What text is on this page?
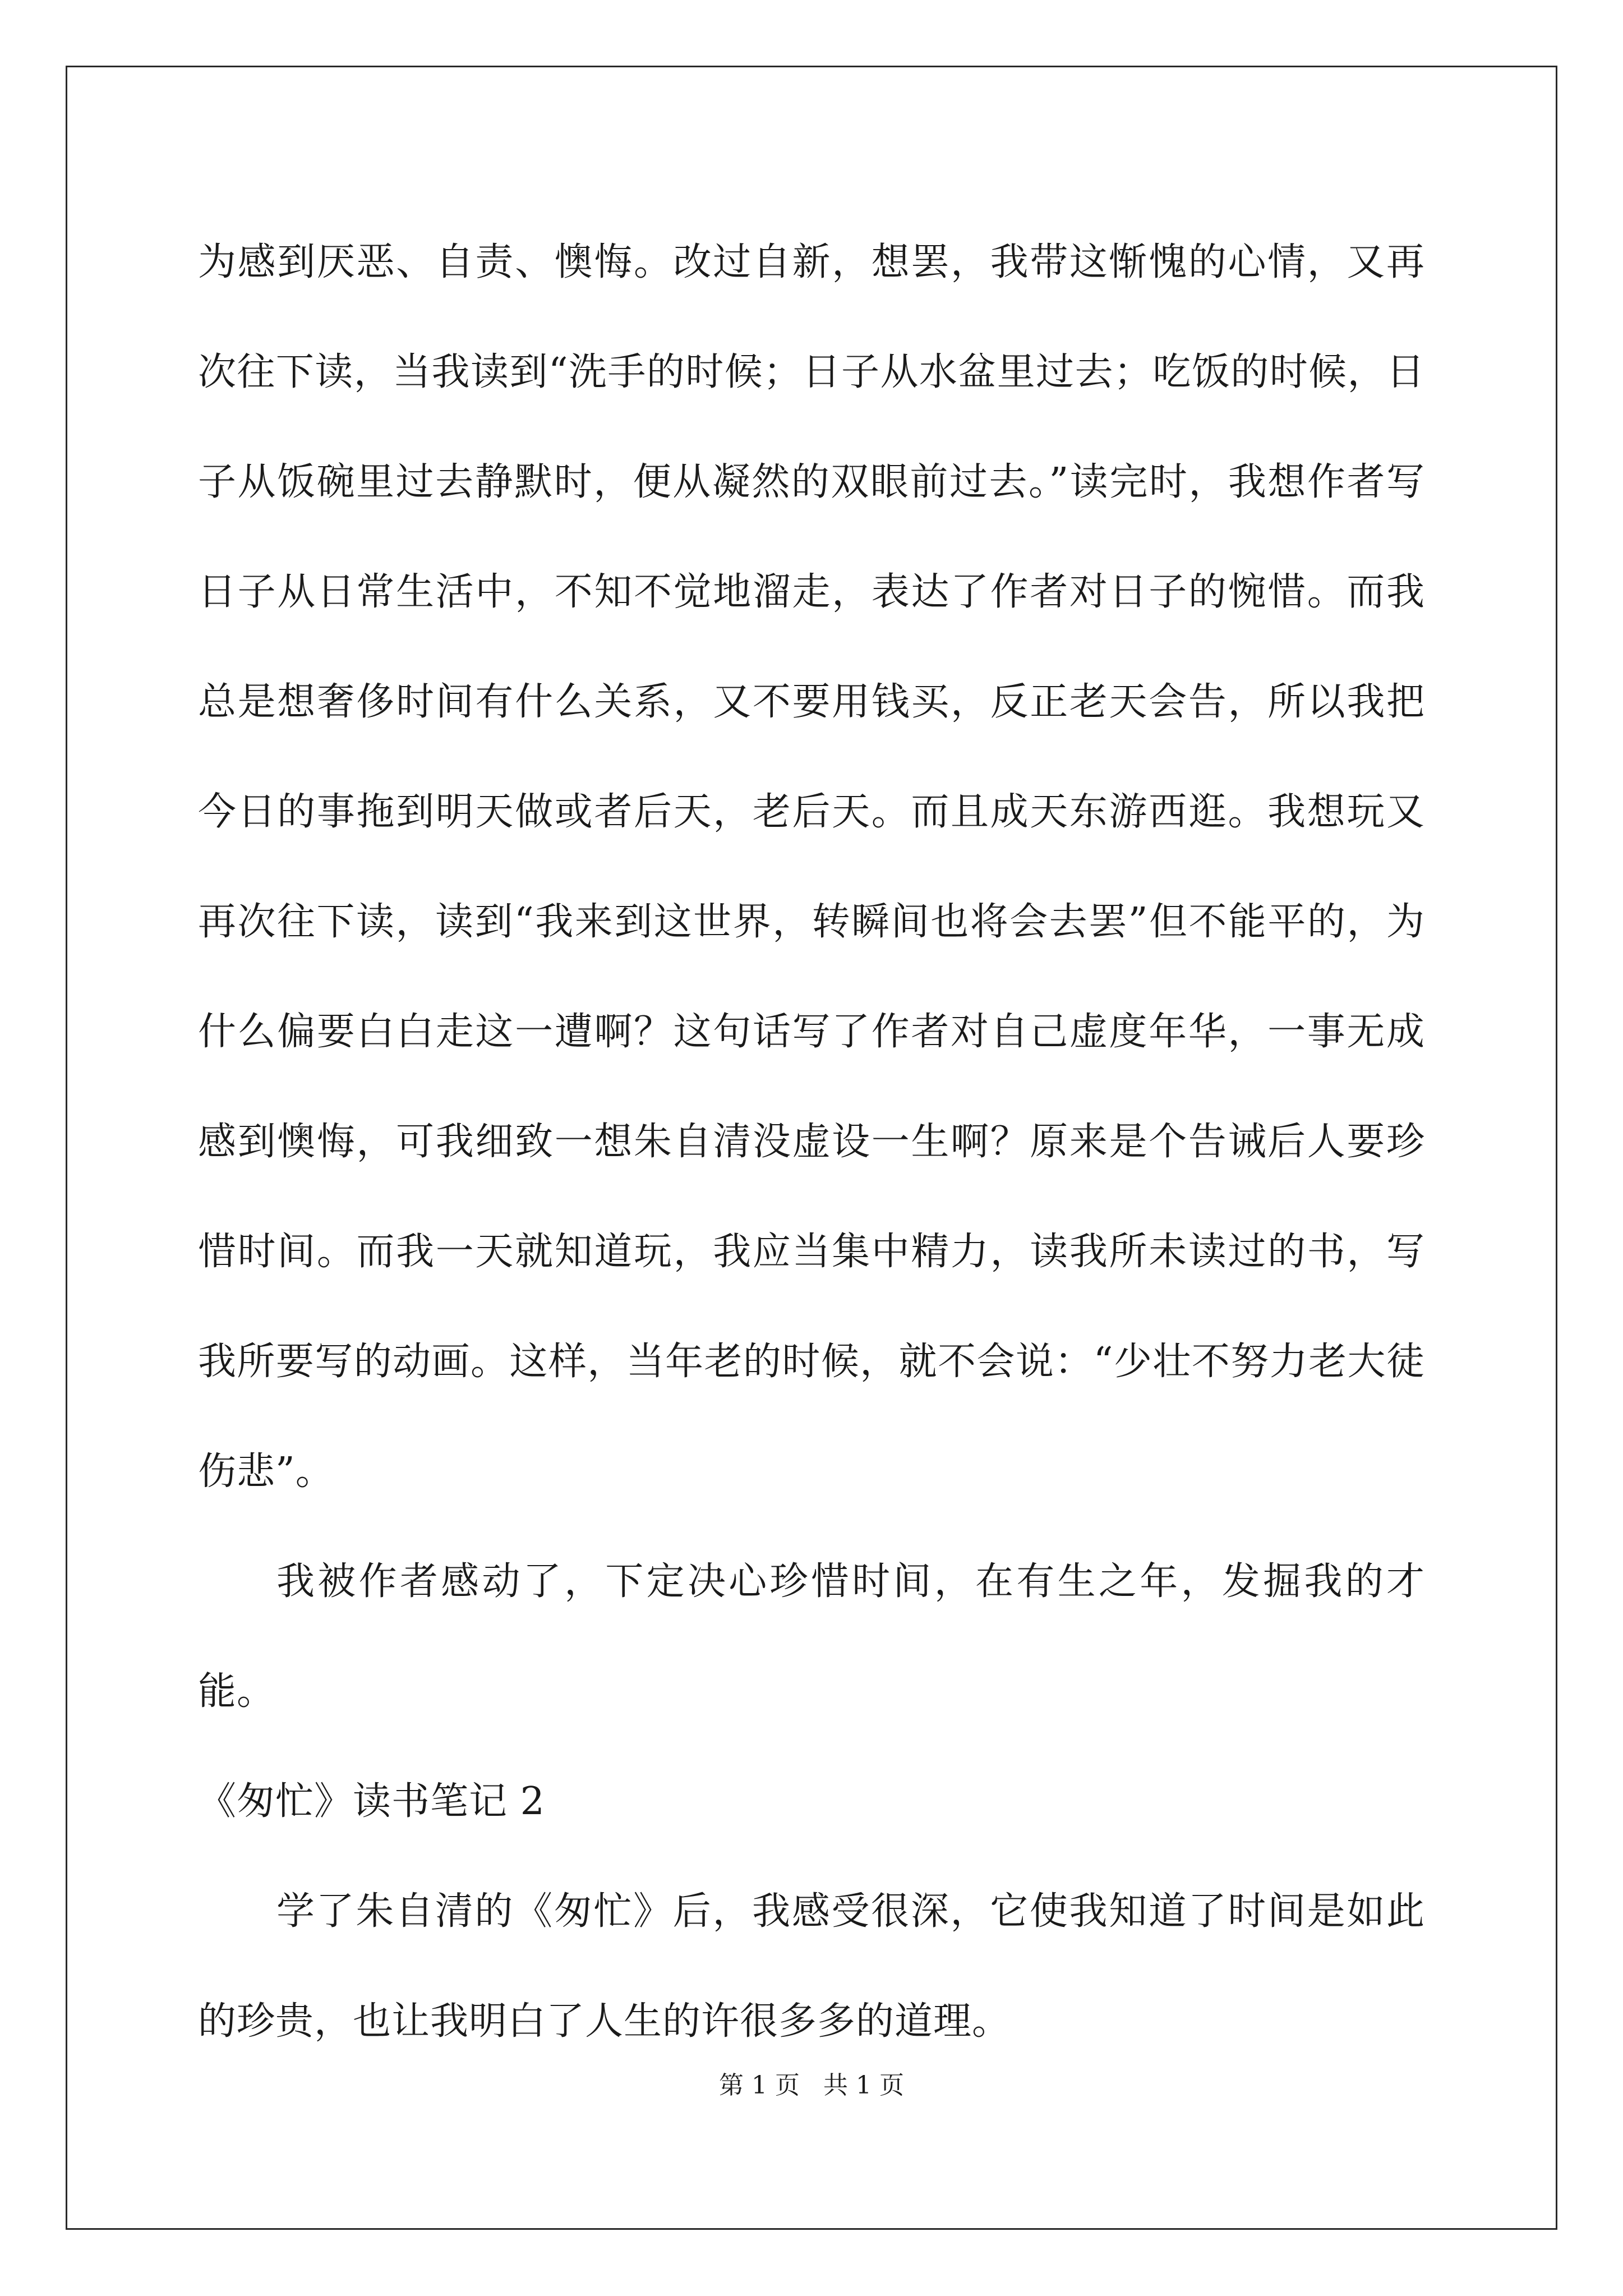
为感到厌恶、自责、懊悔。改过自新，想罢，我带这惭愧的心情，又再次往下读，当我读到“洗手的时候；日子从水盆里过去；吃饭的时候，日子从饭碗里过去静默时，便从凝然的双眼前过去。”读完时，我想作者写日子从日常生活中，不知不觉地溜走，表达了作者对日子的惋惜。而我总是想奢侈时间有什么关系，又不要用钱买，反正老天会告，所以我把今日的事拖到明天做或者后天，老后天。而且成天东游西逛。我想玩又再次往下读，读到“我来到这世界，转瞬间也将会去罢”但不能平的，为什么偏要白白走这一遭啊？这句话写了作者对自己虚度年华，一事无成感到懊悔，可我细致一想朱自清没虚设一生啊？原来是个告诫后人要珍惜时间。而我一天就知道玩，我应当集中精力，读我所未读过的书，写我所要写的动画。这样，当年老的时候，就不会说：“少壮不努力老大徒伤悲”。

我被作者感动了，下定决心珍惜时间，在有生之年，发掘我的才能。

《匆忙》读书笔记 2

学了朱自清的《匆忙》后，我感受很深，它使我知道了时间是如此的珍贵，也让我明白了人生的许很多多的道理。

第 1 页 共 1 页
